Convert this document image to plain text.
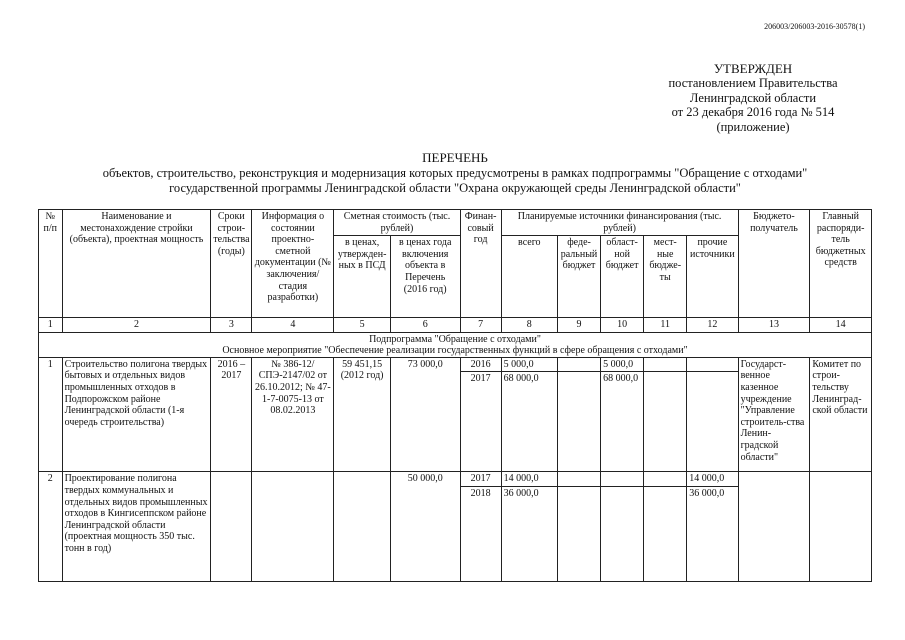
206003/206003-2016-30578(1)
УТВЕРЖДЕН
постановлением Правительства
Ленинградской области
от 23 декабря 2016 года № 514
(приложение)
ПЕРЕЧЕНЬ
объектов, строительство, реконструкция и модернизация которых предусмотрены в рамках подпрограммы "Обращение с отходами"
государственной программы Ленинградской области "Охрана окружающей среды Ленинградской области"
№ п/п	Наименование и местонахождение стройки (объекта), проектная мощность	Сроки строи-тельства (годы)	Информация о состоянии проектно-сметной документации (№ заключения/ стадия разработки)	Сметная стоимость (тыс. рублей)		Финан-совый год	Планируемые источники финансирования (тыс. рублей)					Бюджето-получатель	Главный распоряди-тель бюджетных средств
				в ценах, утвержден-ных в ПСД	в ценах года включения объекта в Перечень (2016 год)		всего	феде-ральный бюджет	област-ной бюджет	мест-ные бюдже-ты	прочие источники		
1	2	3	4	5	6	7	8	9	10	11	12	13	14

Подпрограмма "Обращение с отходами"
Основное мероприятие "Обеспечение реализации государственных функций в сфере обращения с отходами"													

1	Строительство полигона твердых бытовых и отдельных видов промышленных отходов в Подпорожском районе Ленинградской области (1-я очередь строительства)	2016 – 2017	№ 386-12/СПЭ-2147/02 от 26.10.2012; № 47-1-7-0075-13 от 08.02.2013	59 451,15 (2012 год)	73 000,0	2016	5 000,0		5 000,0			Государст-венное казенное учреждение "Управление строитель-ства Ленин-градской области"	Комитет по строи-тельству Ленинград-ской области
						2017	68 000,0		68 000,0				
2	Проектирование полигона твердых коммунальных и отдельных видов промышленных отходов в Кингисеппском районе Ленинградской области (проектная мощность 350 тыс. тонн в год)				50 000,0	2017	14 000,0				14 000,0		
						2018	36 000,0				36 000,0		
